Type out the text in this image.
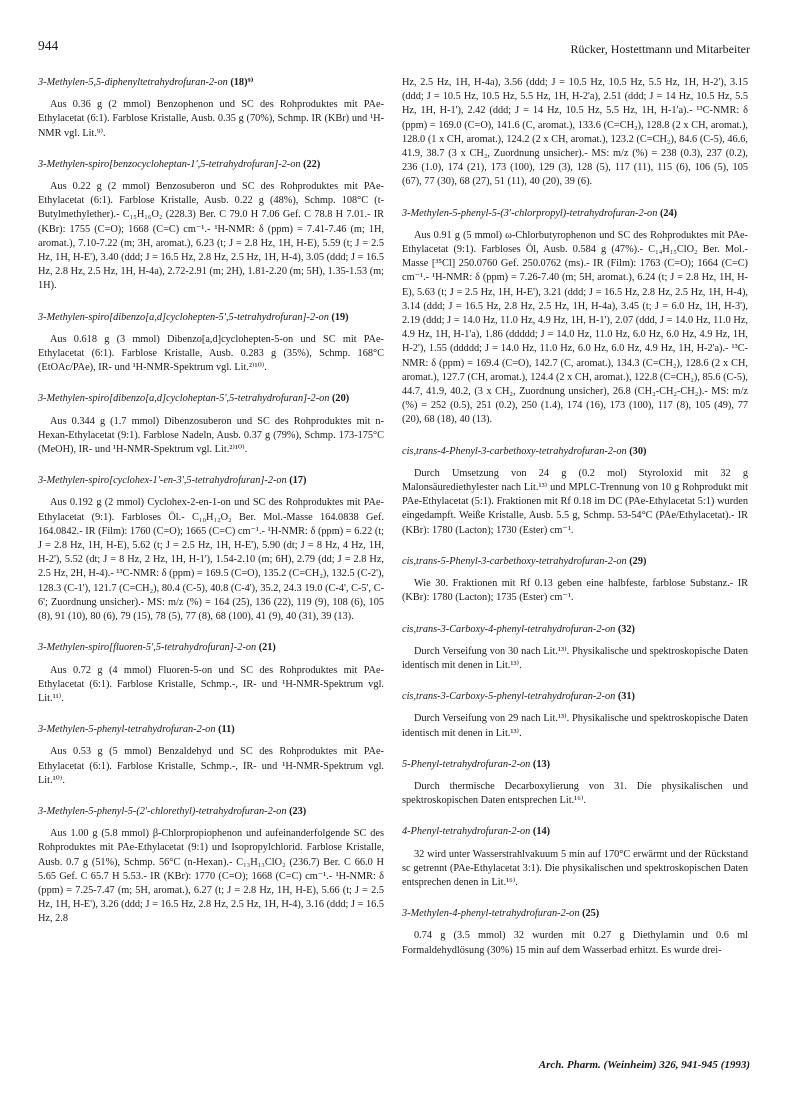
944	Rücker, Hostettmann und Mitarbeiter

3-Methylen-5,5-diphenyltetrahydrofuran-2-on (18)⁹⁾

Aus 0.36 g (2 mmol) Benzophenon und SC des Rohproduktes mit PAe-Ethylacetat (6:1). Farblose Kristalle, Ausb. 0.35 g (70%), Schmp. IR (KBr) und ¹H-NMR vgl. Lit.⁹⁾.

3-Methylen-spiro[benzocycloheptan-1',5-tetrahydrofuran]-2-on (22)

Aus 0.22 g (2 mmol) Benzosuberon und SC des Rohproduktes mit PAe-Ethylacetat (6:1). Farblose Kristalle, Ausb. 0.22 g (48%), Schmp. 108°C (t-Butylmethylether).- C₁₅H₁₆O₂ (228.3) Ber. C 79.0 H 7.06 Gef. C 78.8 H 7.01.- IR (KBr): 1755 (C=O); 1668 (C=C) cm⁻¹.- ¹H-NMR: δ (ppm) = 7.41-7.46 (m; 1H, aromat.), 7.10-7.22 (m; 3H, aromat.), 6.23 (t; J = 2.8 Hz, 1H, H-E), 5.59 (t; J = 2.5 Hz, 1H, H-E'), 3.40 (ddd; J = 16.5 Hz, 2.8 Hz, 2.5 Hz, 1H, H-4), 3.05 (ddd; J = 16.5 Hz, 2.8 Hz, 2.5 Hz, 1H, H-4a), 2.72-2.91 (m; 2H), 1.81-2.20 (m; 5H), 1.35-1.53 (m; 1H).

3-Methylen-spiro[dibenzo[a,d]cyclohepten-5',5-tetrahydrofuran]-2-on (19)

Aus 0.618 g (3 mmol) Dibenzo[a,d]cyclohepten-5-on und SC mit PAe-Ethylacetat (6:1). Farblose Kristalle, Ausb. 0.283 g (35%), Schmp. 168°C (EtOAc/PAe), IR- und ¹H-NMR-Spektrum vgl. Lit.²⁾¹⁰⁾.

3-Methylen-spiro[dibenzo[a,d]cycloheptan-5',5-tetrahydrofuran]-2-on (20)

Aus 0.344 g (1.7 mmol) Dibenzosuberon und SC des Rohproduktes mit n-Hexan-Ethylacetat (9:1). Farblose Nadeln, Ausb. 0.37 g (79%), Schmp. 173-175°C (MeOH), IR- und ¹H-NMR-Spektrum vgl. Lit.²⁾¹⁰⁾.

3-Methylen-spiro[cyclohex-1'-en-3',5-tetrahydrofuran]-2-on (17)

Aus 0.192 g (2 mmol) Cyclohex-2-en-1-on und SC des Rohproduktes mit PAe-Ethylacetat (9:1). Farbloses Öl.- C₁₀H₁₂O₂ Ber. Mol.-Masse 164.0838 Gef. 164.0842.- IR (Film): 1760 (C=O); 1665 (C=C) cm⁻¹.- ¹H-NMR: δ (ppm) = 6.22 (t; J = 2.8 Hz, 1H, H-E), 5.62 (t; J = 2.5 Hz, 1H, H-E'), 5.90 (dt; J = 8 Hz, 4 Hz, 1H, H-2'), 5.52 (dt; J = 8 Hz, 2 Hz, 1H, H-1'), 1.54-2.10 (m; 6H), 2.79 (dd; J = 2.8 Hz, 2.5 Hz, 2H, H-4).- ¹³C-NMR: δ (ppm) = 169.5 (C=O), 135.2 (C=CH₂), 132.5 (C-2'), 128.3 (C-1'), 121.7 (C=CH₂), 80.4 (C-5), 40.8 (C-4'), 35.2, 24.3 19.0 (C-4', C-5', C-6'; Zuordnung unsicher).- MS: m/z (%) = 164 (25), 136 (22), 119 (9), 108 (6), 105 (8), 91 (10), 80 (6), 79 (15), 78 (5), 77 (8), 68 (100), 41 (9), 40 (31), 39 (13).

3-Methylen-spiro[fluoren-5',5-tetrahydrofuran]-2-on (21)

Aus 0.72 g (4 mmol) Fluoren-5-on und SC des Rohproduktes mit PAe-Ethylacetat (6:1). Farblose Kristalle, Schmp.-, IR- und ¹H-NMR-Spektrum vgl. Lit.¹¹⁾.

3-Methylen-5-phenyl-tetrahydrofuran-2-on (11)

Aus 0.53 g (5 mmol) Benzaldehyd und SC des Rohproduktes mit PAe-Ethylacetat (6:1). Farblose Kristalle, Schmp.-, IR- und ¹H-NMR-Spektrum vgl. Lit.¹⁰⁾.

3-Methylen-5-phenyl-5-(2'-chlorethyl)-tetrahydrofuran-2-on (23)

Aus 1.00 g (5.8 mmol) β-Chlorpropiophenon und aufeinanderfolgende SC des Rohproduktes mit PAe-Ethylacetat (9:1) und Isopropylchlorid. Farblose Kristalle, Ausb. 0.7 g (51%), Schmp. 56°C (n-Hexan).- C₁₃H₁₃ClO₂ (236.7) Ber. C 66.0 H 5.65 Gef. C 65.7 H 5.53.- IR (KBr): 1770 (C=O); 1668 (C=C) cm⁻¹.- ¹H-NMR: δ (ppm) = 7.25-7.47 (m; 5H, aromat.), 6.27 (t; J = 2.8 Hz, 1H, H-E), 5.66 (t; J = 2.5 Hz, 1H, H-E'), 3.26 (ddd; J = 16.5 Hz, 2.8 Hz, 2.5 Hz, 1H, H-4), 3.16 (ddd; J = 16.5 Hz, 2.8

Hz, 2.5 Hz, 1H, H-4a), 3.56 (ddd; J = 10.5 Hz, 10.5 Hz, 5.5 Hz, 1H, H-2'), 3.15 (ddd; J = 10.5 Hz, 10.5 Hz, 5.5 Hz, 1H, H-2'a), 2.51 (ddd; J = 14 Hz, 10.5 Hz, 5.5 Hz, 1H, H-1'), 2.42 (ddd; J = 14 Hz, 10.5 Hz, 5.5 Hz, 1H, H-1'a).- ¹³C-NMR: δ (ppm) = 169.0 (C=O), 141.6 (C, aromat.), 133.6 (C=CH₂), 128.8 (2 x CH, aromat.), 128.0 (1 x CH, aromat.), 124.2 (2 x CH, aromat.), 123.2 (C=CH₂), 84.6 (C-5), 46.6, 41.9, 38.7 (3 x CH₂, Zuordnung unsicher).- MS: m/z (%) = 238 (0.3), 237 (0.2), 236 (1.0), 174 (21), 173 (100), 129 (3), 128 (5), 117 (11), 115 (6), 106 (5), 105 (67), 77 (30), 68 (27), 51 (11), 40 (20), 39 (6).

3-Methylen-5-phenyl-5-(3'-chlorpropyl)-tetrahydrofuran-2-on (24)

Aus 0.91 g (5 mmol) ω-Chlorbutyrophenon und SC des Rohproduktes mit PAe-Ethylacetat (9:1). Farbloses Öl, Ausb. 0.584 g (47%).- C₁₄H₁₅ClO₂ Ber. Mol.-Masse [³⁵Cl] 250.0760 Gef. 250.0762 (ms).- IR (Film): 1763 (C=O); 1664 (C=C) cm⁻¹.- ¹H-NMR: δ (ppm) = 7.26-7.40 (m; 5H, aromat.), 6.24 (t; J = 2.8 Hz, 1H, H-E), 5.63 (t; J = 2.5 Hz, 1H, H-E'), 3.21 (ddd; J = 16.5 Hz, 2.8 Hz, 2.5 Hz, 1H, H-4), 3.14 (ddd; J = 16.5 Hz, 2.8 Hz, 2.5 Hz, 1H, H-4a), 3.45 (t; J = 6.0 Hz, 1H, H-3'), 2.19 (ddd; J = 14.0 Hz, 11.0 Hz, 4.9 Hz, 1H, H-1'), 2.07 (ddd, J = 14.0 Hz, 11.0 Hz, 4.9 Hz, 1H, H-1'a), 1.86 (ddddd; J = 14.0 Hz, 11.0 Hz, 6.0 Hz, 6.0 Hz, 4.9 Hz, 1H, H-2'), 1.55 (ddddd; J = 14.0 Hz, 11.0 Hz, 6.0 Hz, 6.0 Hz, 4.9 Hz, 1H, H-2'a).- ¹³C-NMR: δ (ppm) = 169.4 (C=O), 142.7 (C, aromat.), 134.3 (C=CH₂), 128.6 (2 x CH, aromat.), 127.7 (CH, aromat.), 124.4 (2 x CH, aromat.), 122.8 (C=CH₂), 85.6 (C-5), 44.7, 41.9, 40.2, (3 x CH₂, Zuordnung unsicher), 26.8 (CH₂-CH₂-CH₂).- MS: m/z (%) = 252 (0.5), 251 (0.2), 250 (1.4), 174 (16), 173 (100), 117 (8), 105 (49), 77 (20), 68 (18), 40 (13).

cis,trans-4-Phenyl-3-carbethoxy-tetrahydrofuran-2-on (30)

Durch Umsetzung von 24 g (0.2 mol) Styroloxid mit 32 g Malonsäurediethylester nach Lit.¹³⁾ und MPLC-Trennung von 10 g Rohprodukt mit PAe-Ethylacetat (5:1). Fraktionen mit Rf 0.18 im DC (PAe-Ethylacetat 5:1) wurden eingedampft. Weiße Kristalle, Ausb. 5.5 g, Schmp. 53-54°C (PAe/Ethylacetat).- IR (KBr): 1780 (Lacton); 1730 (Ester) cm⁻¹.

cis,trans-5-Phenyl-3-carbethoxy-tetrahydrofuran-2-on (29)

Wie 30. Fraktionen mit Rf 0.13 geben eine halbfeste, farblose Substanz.- IR (KBr): 1780 (Lacton); 1735 (Ester) cm⁻¹.

cis,trans-3-Carboxy-4-phenyl-tetrahydrofuran-2-on (32)

Durch Verseifung von 30 nach Lit.¹³⁾. Physikalische und spektroskopische Daten identisch mit denen in Lit.¹³⁾.

cis,trans-3-Carboxy-5-phenyl-tetrahydrofuran-2-on (31)

Durch Verseifung von 29 nach Lit.¹³⁾. Physikalische und spektroskopische Daten identisch mit denen in Lit.¹³⁾.

5-Phenyl-tetrahydrofuran-2-on (13)

Durch thermische Decarboxylierung von 31. Die physikalischen und spektroskopischen Daten entsprechen Lit.¹⁶⁾.

4-Phenyl-tetrahydrofuran-2-on (14)

32 wird unter Wasserstrahlvakuum 5 min auf 170°C erwärmt und der Rückstand sc getrennt (PAe-Ethylacetat 3:1). Die physikalischen und spektroskopischen Daten entsprechen denen in Lit.¹⁶⁾.

3-Methylen-4-phenyl-tetrahydrofuran-2-on (25)

0.74 g (3.5 mmol) 32 wurden mit 0.27 g Diethylamin und 0.6 ml Formaldehydlösung (30%) 15 min auf dem Wasserbad erhitzt. Es wurde drei-

Arch. Pharm. (Weinheim) 326, 941-945 (1993)
